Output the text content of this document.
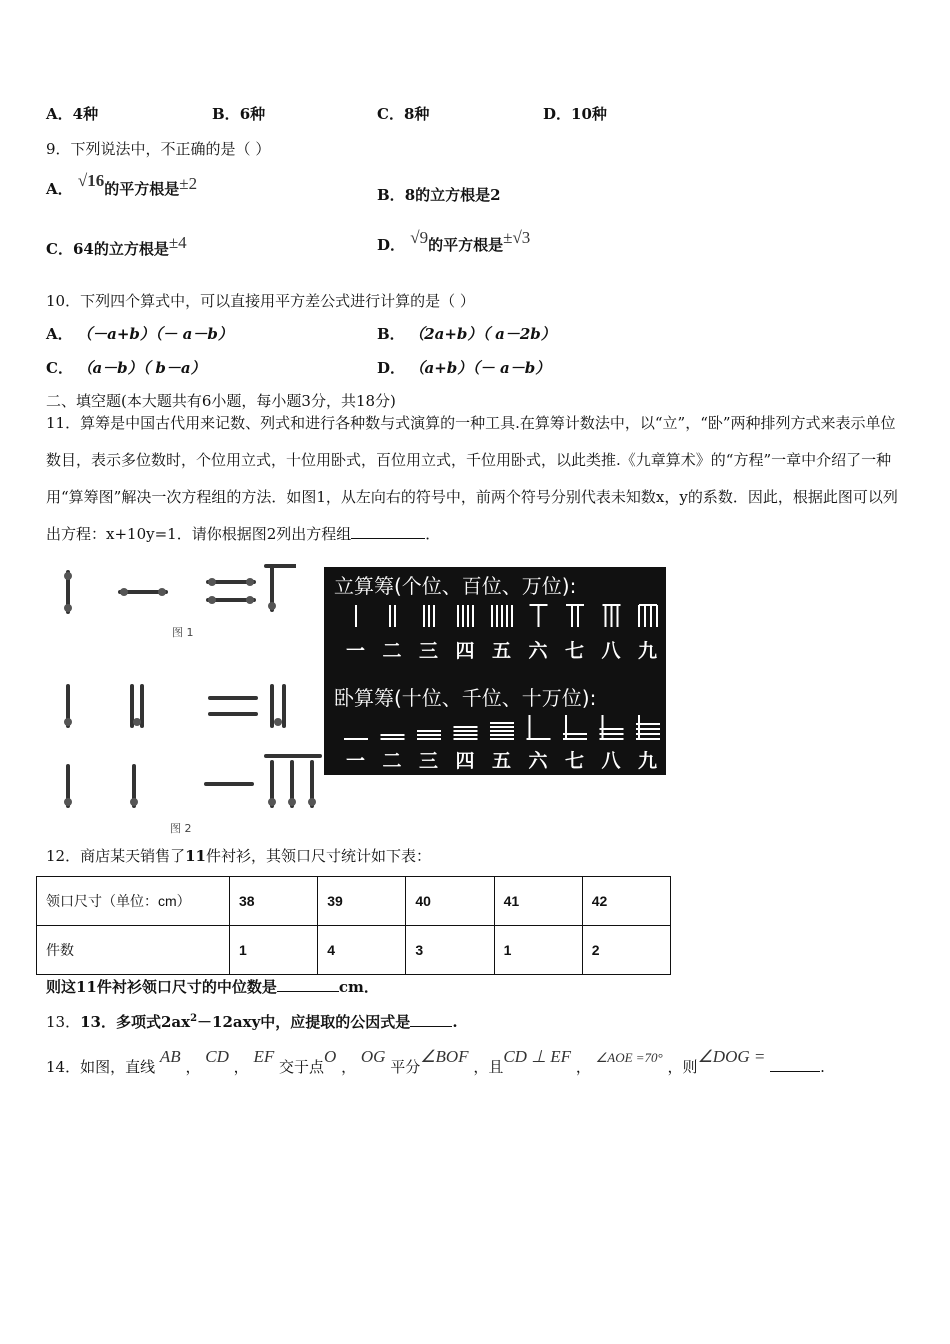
A．4种	B．6种	C．8种	D．10种
9．下列说法中，不正确的是（ ）
A． √16的平方根是±2
B．8的立方根是2
C．64的立方根是±4	D． √9的平方根是±√3
10．下列四个算式中，可以直接用平方差公式进行计算的是（ ）
A． （－a+b）（－ a－b）	B． （2a+b）（ a－2b）
C． （a－b）（ b－a）	D． （a+b）（－ a－b）
二、填空题(本大题共有6小题，每小题3分，共18分)
11．算筹是中国古代用来记数、列式和进行各种数与式演算的一种工具.在算筹计数法中，以“立”，“卧”两种排列方式来表示单位数目，表示多位数时，个位用立式，十位用卧式，百位用立式，千位用卧式，以此类推.《九章算术》的“方程”一章中介绍了一种用“算筹图”解决一次方程组的方法．如图1，从左向右的符号中，前两个符号分别代表未知数x，y的系数．因此，根据此图可以列出方程：x+10y=1．请你根据图2列出方程组	．
图 1
图 2
立算筹(个位、百位、万位):
一 二 三 四 五 六 七 八 九
卧算筹(十位、千位、十万位):
一 二 三 四 五 六 七 八 九
12．商店某天销售了11件衬衫，其领口尺寸统计如下表：
领口尺寸（单位：cm）	38	39	40	41	42
件数	1	4	3	1	2
则这11件衬衫领口尺寸的中位数是	cm．
13．13．多项式$2ax^2-12axy$中，应提取的公因式是	.
14．如图，直线 AB ， CD ， EF 交于点O ， OG 平分∠BOF ，且CD ⊥ EF ， ∠AOE =70° ，则∠DOG = .
